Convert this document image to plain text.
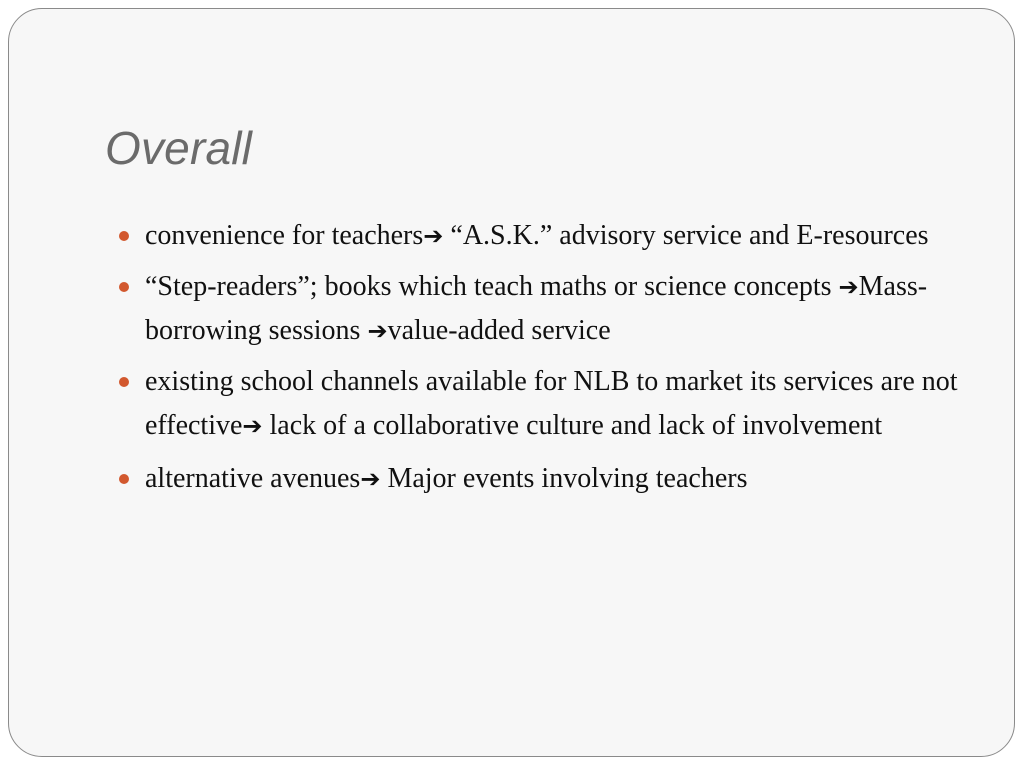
Overall
convenience for teachers➔ “A.S.K.” advisory service and E-resources
“Step-readers”; books which teach maths or science concepts ➔Mass-borrowing sessions ➔value-added service
existing school channels available for NLB to market its services are not effective➔ lack of a collaborative culture and lack of involvement
alternative avenues➔ Major events involving teachers
